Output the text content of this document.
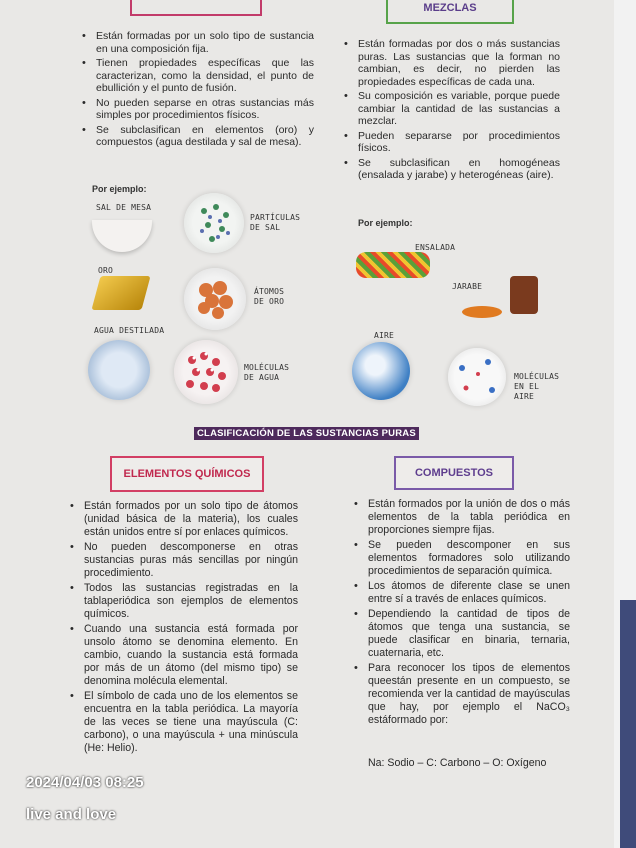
MEZCLAS
• Están formadas por un solo tipo de sustancia en una composición fija.
• Tienen propiedades específicas que las caracterizan, como la densidad, el punto de ebullición y el punto de fusión.
• No pueden separse en otras sustancias más simples por procedimientos físicos.
• Se subclasifican en elementos (oro) y compuestos (agua destilada y sal de mesa).
• Están formadas por dos o más sustancias puras. Las sustancias que la forman no cambian, es decir, no pierden las propiedades específicas de cada una.
• Su composición es variable, porque puede cambiar la cantidad de las sustancias a mezclar.
• Pueden separarse por procedimientos físicos.
• Se subclasifican en homogéneas (ensalada y jarabe) y heterogéneas (aire).
Por ejemplo:
SAL DE MESA
PARTÍCULAS DE SAL
ORO
ÁTOMOS DE ORO
AGUA DESTILADA
MOLÉCULAS DE AGUA
Por ejemplo:
ENSALADA
JARABE
AIRE
MOLÉCULAS EN EL AIRE
CLASIFICACIÓN DE LAS SUSTANCIAS PURAS
ELEMENTOS QUÍMICOS	COMPUESTOS
• Están formados por un solo tipo de átomos (unidad básica de la materia), los cuales están unidos entre sí por enlaces químicos.
• No pueden descomponerse en otras sustancias puras más sencillas por ningún procedimiento.
• Todos las sustancias registradas en la tablaperiódica son ejemplos de elementos químicos.
• Cuando una sustancia está formada por unsolo átomo se denomina elemento. En cambio, cuando la sustancia está formada por más de un átomo (del mismo tipo) se denomina molécula elemental.
• El símbolo de cada uno de los elementos se encuentra en la tabla periódica. La mayoría de las veces se tiene una mayúscula (C: carbono), o una mayúscula + una minúscula (He: Helio).
• Están formados por la unión de dos o más elementos de la tabla periódica en proporciones siempre fijas.
• Se pueden descomponer en sus elementos formadores solo utilizando procedimientos de separación química.
• Los átomos de diferente clase se unen entre sí a través de enlaces químicos.
• Dependiendo la cantidad de tipos de átomos que tenga una sustancia, se puede clasificar en binaria, ternaria, cuaternaria, etc.
• Para reconocer los tipos de elementos queestán presente en un compuesto, se recomienda ver la cantidad de mayúsculas que hay, por ejemplo el NaCO₃ estáformado por:
Na: Sodio – C: Carbono – O: Oxígeno
2024/04/03 08:25
live and love
